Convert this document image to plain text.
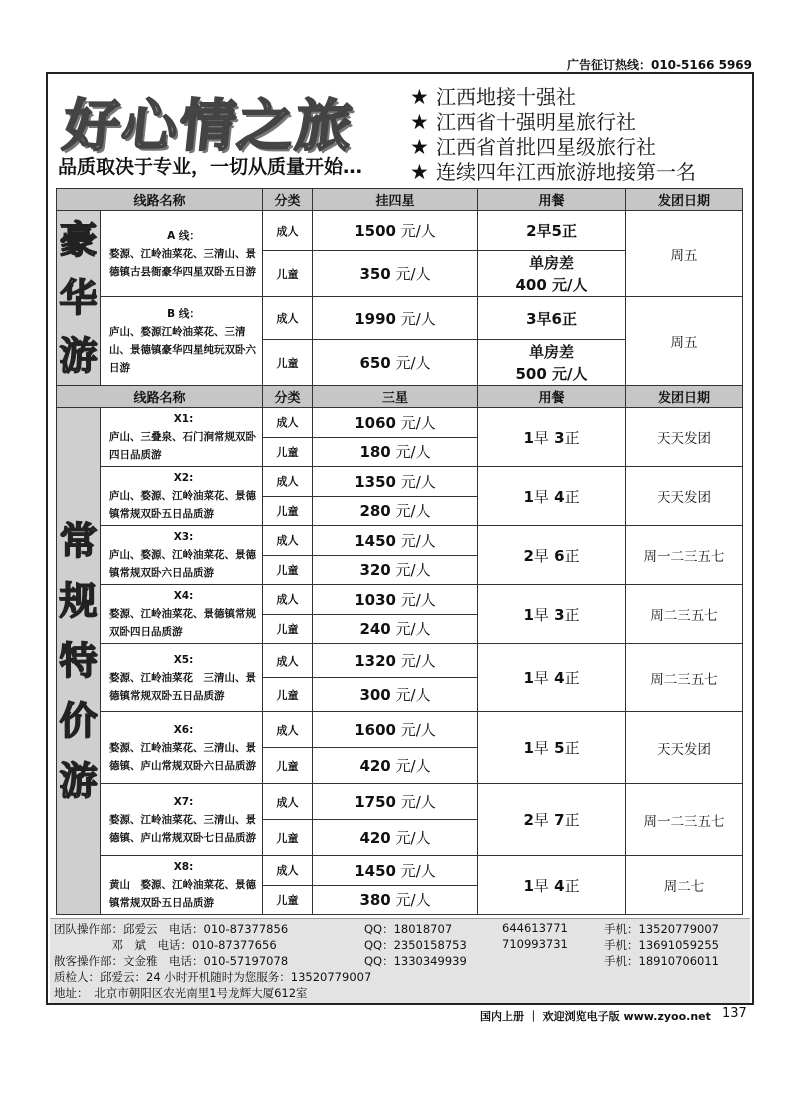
广告征订热线：010-5166 5969
好心情之旅
品质取决于专业，一切从质量开始…
★ 江西地接十强社
★ 江西省十强明星旅行社
★ 江西省首批四星级旅行社
★ 连续四年江西旅游地接第一名
线路名称		分类	挂四星	用餐	发团日期
豪华游	A 线：
婺源、江岭油菜花、三清山、景德镇古县衙豪华四星双卧五日游	成人	1500 元/人	2早5正	周五
		儿童	350 元/人	单房差
400 元/人	

	B 线：
庐山、婺源江岭油菜花、三清山、景德镇豪华四星纯玩双卧六日游	成人	1990 元/人	3早6正	周五
		儿童	650 元/人	单房差
500 元/人	
线路名称		分类	三星	用餐	发团日期
常规特价游	X1:
庐山、三叠泉、石门涧常规双卧四日品质游	成人	1060 元/人	1早 3正	天天发团
		儿童	180 元/人		

	X2:
庐山、婺源、江岭油菜花、景德镇常规双卧五日品质游	成人	1350 元/人	1早 4正	天天发团
		儿童	280 元/人		

	X3:
庐山、婺源、江岭油菜花、景德镇常规双卧六日品质游	成人	1450 元/人	2早 6正	周一二三五七
		儿童	320 元/人		

	X4:
婺源、江岭油菜花、景德镇常规双卧四日品质游	成人	1030 元/人	1早 3正	周二三五七
		儿童	240 元/人		

	X5:
婺源、江岭油菜花　三清山、景德镇常规双卧五日品质游	成人	1320 元/人	1早 4正	周二三五七
		儿童	300 元/人		

	X6:
婺源、江岭油菜花、三清山、景德镇、庐山常规双卧六日品质游	成人	1600 元/人	1早 5正	天天发团
		儿童	420 元/人		

	X7:
婺源、江岭油菜花、三清山、景德镇、庐山常规双卧七日品质游	成人	1750 元/人	2早 7正	周一二三五七
		儿童	420 元/人		

	X8:
黄山　婺源、江岭油菜花、景德镇常规双卧五日品质游	成人	1450 元/人	1早 4正	周二七
		儿童	380 元/人		
团队操作部：邱爱云　电话：010-87377856	QQ：18018707	644613771	手机：13520779007
　　　　　邓　斌　电话：010-87377656	QQ：2350158753	710993731	手机：13691059255
散客操作部：文金雅　电话：010-57197078	QQ：1330349939	手机：18910706011
质检人：邱爱云：24 小时开机随时为您服务：13520779007
地址：　北京市朝阳区农光南里1号龙辉大厦612室
国内上册 ｜ 欢迎浏览电子版 www.zyoo.net 137
